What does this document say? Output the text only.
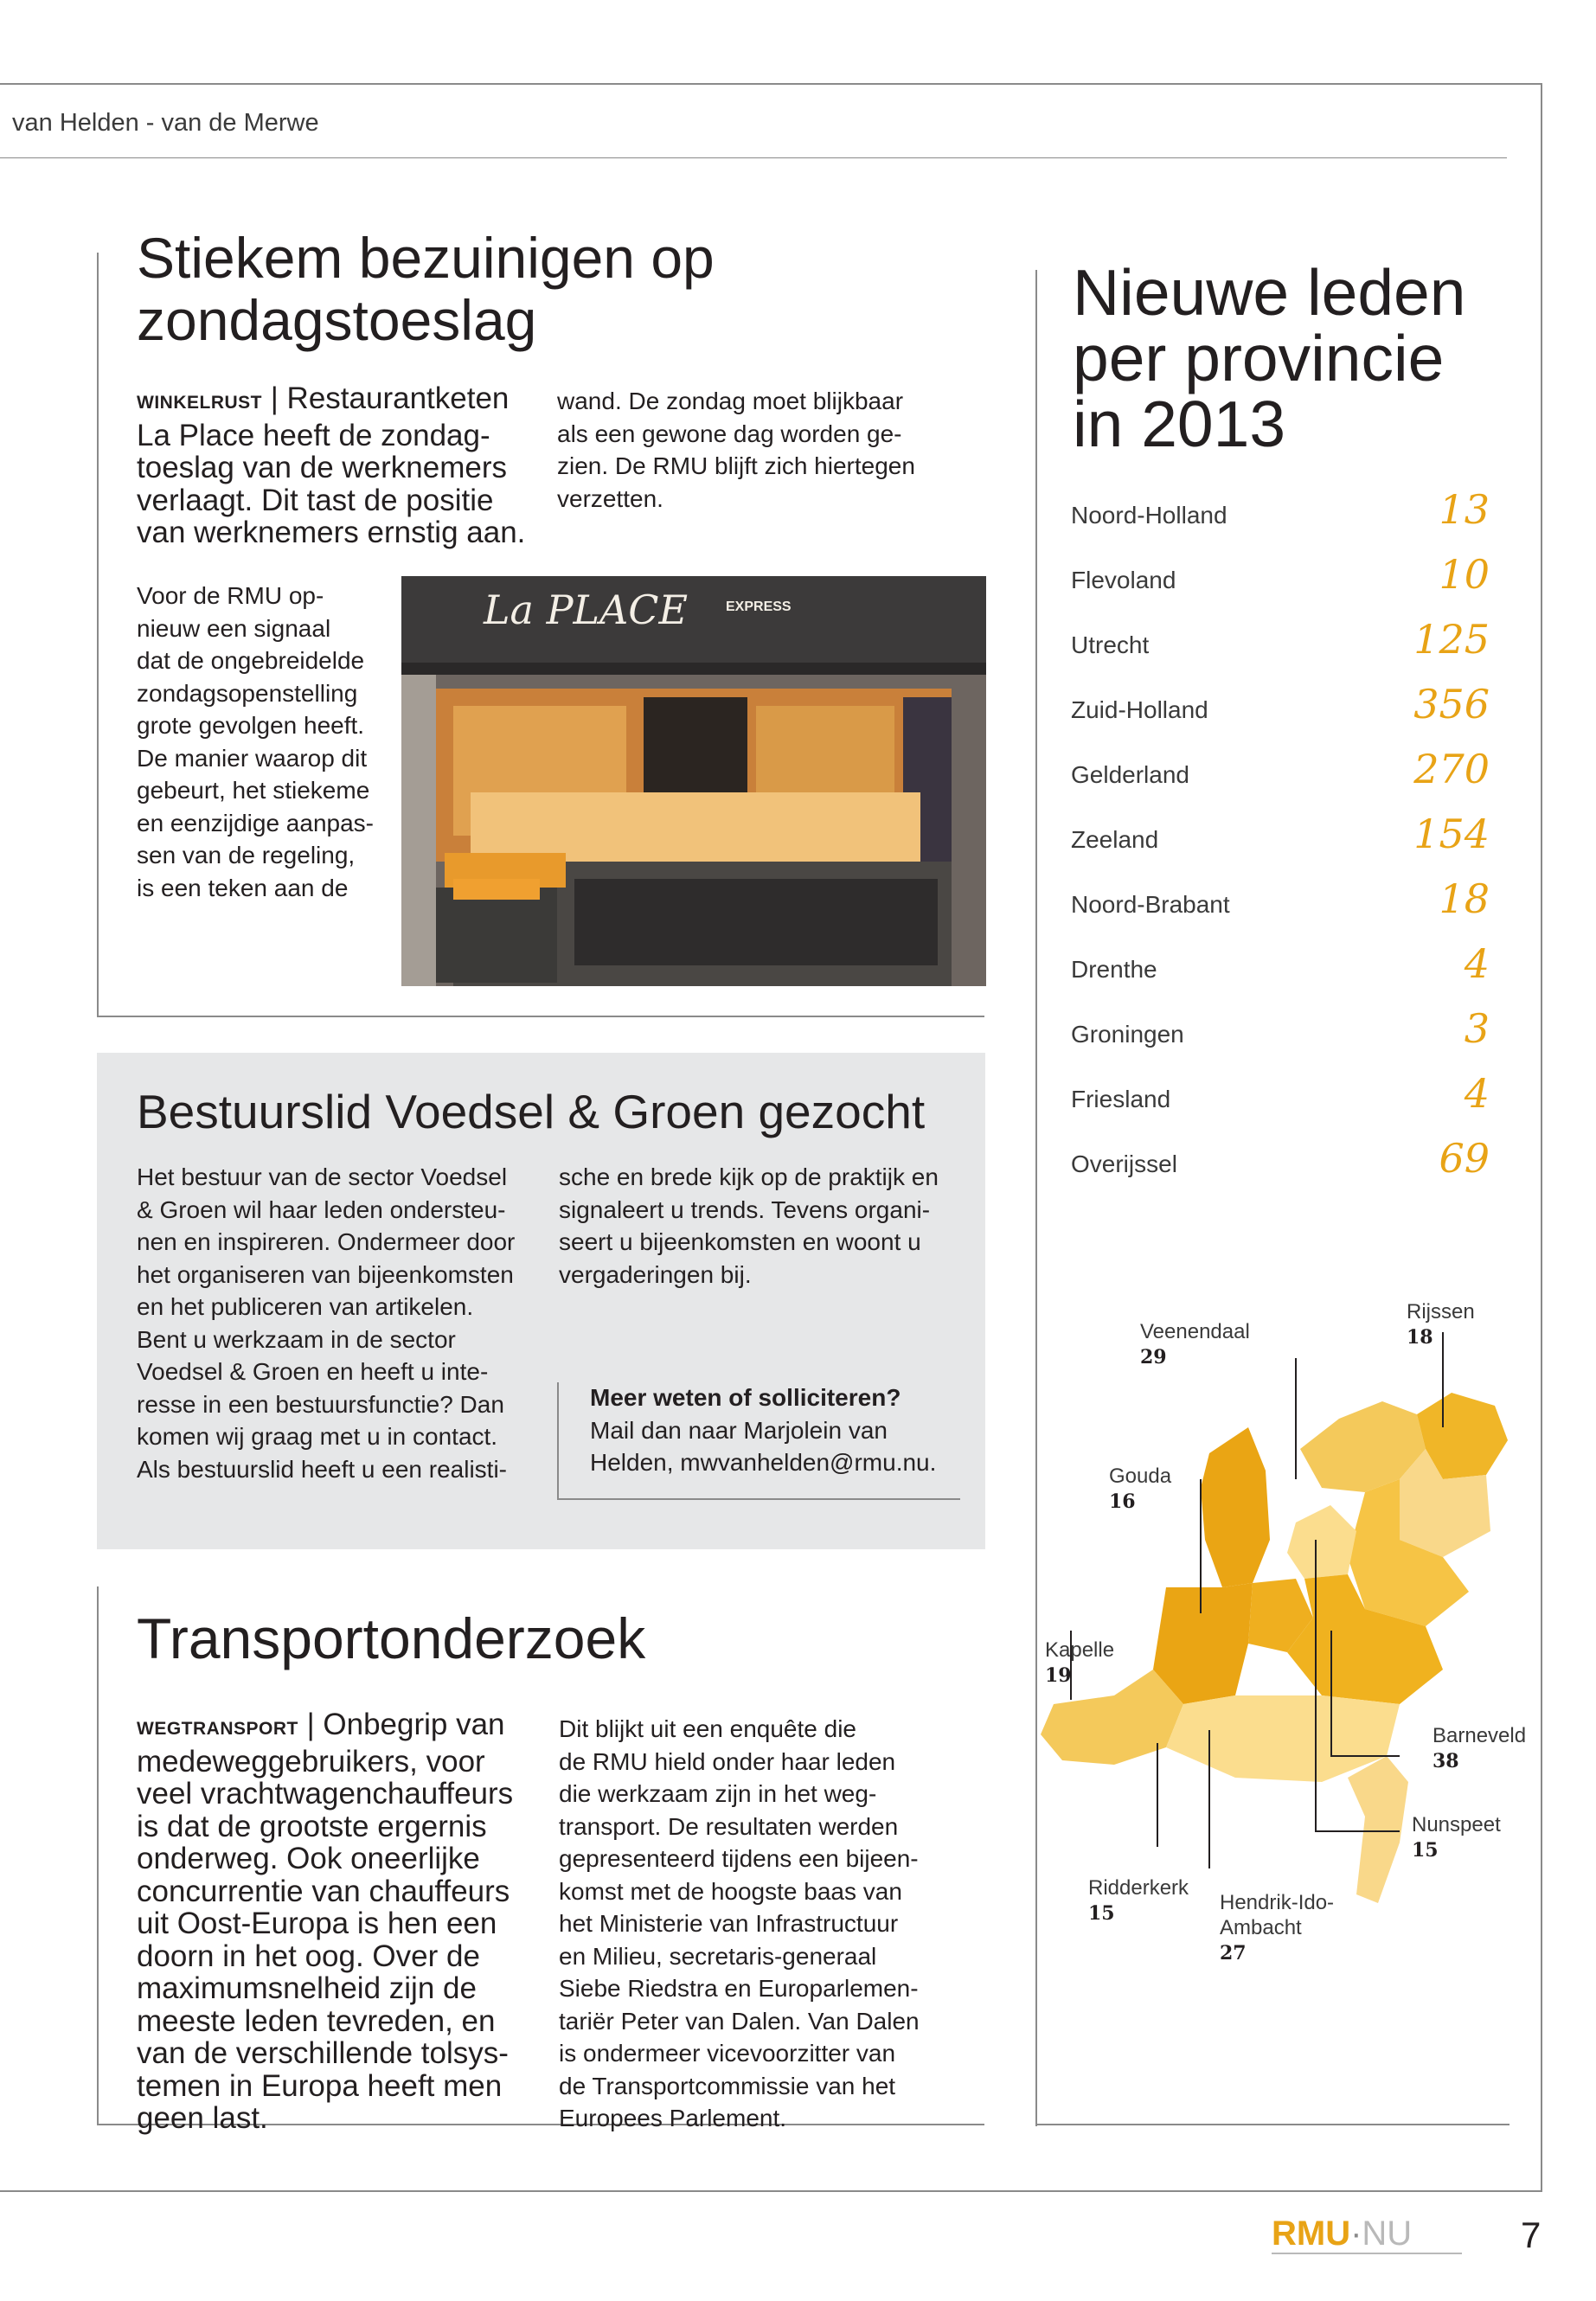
van Helden - van de Merwe
Stiekem bezuinigen op zondagstoeslag
WINKELRUST | Restaurantketen
La Place heeft de zondag-
toeslag van de werknemers
verlaagt. Dit tast de positie
van werknemers ernstig aan.
wand. De zondag moet blijkbaar
als een gewone dag worden ge-
zien. De RMU blijft zich hiertegen
verzetten.
Voor de RMU op-
nieuw een signaal
dat de ongebreidelde
zondagsopenstelling
grote gevolgen heeft.
De manier waarop dit
gebeurt, het stiekeme
en eenzijdige aanpas-
sen van de regeling,
is een teken aan de
La PLACE	EXPRESS
Bestuurslid Voedsel & Groen gezocht
Het bestuur van de sector Voedsel
& Groen wil haar leden ondersteu-
nen en inspireren. Ondermeer door
het organiseren van bijeenkomsten
en het publiceren van artikelen.
Bent u werkzaam in de sector
Voedsel & Groen en heeft u inte-
resse in een bestuursfunctie? Dan
komen wij graag met u in contact.
Als bestuurslid heeft u een realisti-
sche en brede kijk op de praktijk en
signaleert u trends. Tevens organi-
seert u bijeenkomsten en woont u
vergaderingen bij.
Meer weten of solliciteren?
Mail dan naar Marjolein van
Helden, mwvanhelden@rmu.nu.
Transportonderzoek
WEGTRANSPORT | Onbegrip van
medeweggebruikers, voor
veel vrachtwagenchauffeurs
is dat de grootste ergernis
onderweg. Ook oneerlijke
concurrentie van chauffeurs
uit Oost-Europa is hen een
doorn in het oog. Over de
maximumsnelheid zijn de
meeste leden tevreden, en
van de verschillende tolsys-
temen in Europa heeft men
geen last.
Dit blijkt uit een enquête die
de RMU hield onder haar leden
die werkzaam zijn in het weg-
transport. De resultaten werden
gepresenteerd tijdens een bijeen-
komst met de hoogste baas van
het Ministerie van Infrastructuur
en Milieu, secretaris-generaal
Siebe Riedstra en Europarlemen-
tariër Peter van Dalen. Van Dalen
is ondermeer vicevoorzitter van
de Transportcommissie van het
Europees Parlement.
Nieuwe leden
per provincie
in 2013
Noord-Holland	13
Flevoland	10
Utrecht	125
Zuid-Holland	356
Gelderland	270
Zeeland	154
Noord-Brabant	18
Drenthe	4
Groningen	3
Friesland	4
Overijssel	69
Veenendaal
29
Rijssen
18
Gouda
16
Kapelle
19
Barneveld
38
Nunspeet
15
Ridderkerk
15	Hendrik-Ido-
Ambacht
27
RMU·NU	7
